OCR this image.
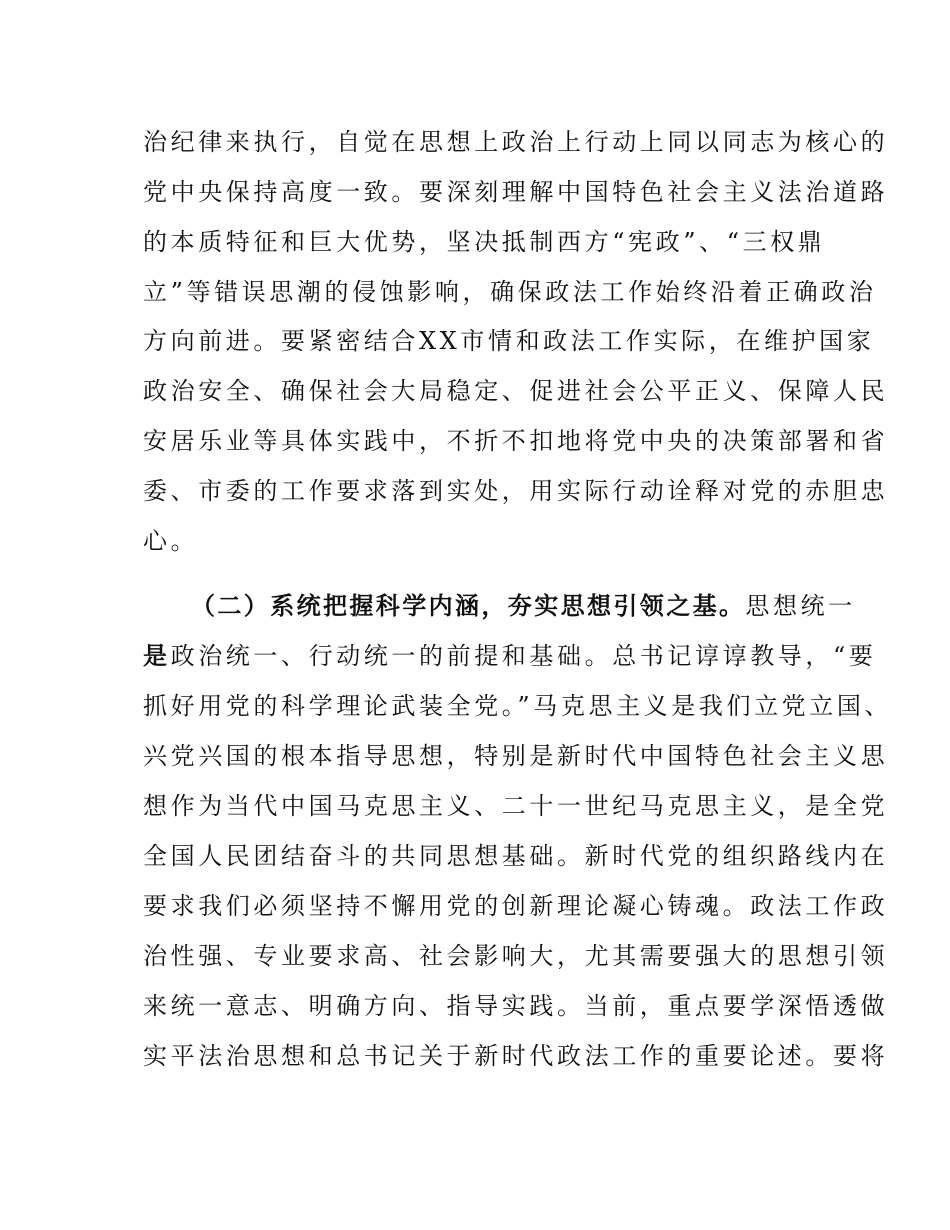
治纪律来执行，自觉在思想上政治上行动上同以同志为核心的
党中央保持高度一致。要深刻理解中国特色社会主义法治道路
的本质特征和巨大优势，坚决抵制西方“宪政”、“三权鼎
立”等错误思潮的侵蚀影响，确保政法工作始终沿着正确政治
方向前进。要紧密结合XX市情和政法工作实际，在维护国家
政治安全、确保社会大局稳定、促进社会公平正义、保障人民
安居乐业等具体实践中，不折不扣地将党中央的决策部署和省
委、市委的工作要求落到实处，用实际行动诠释对党的赤胆忠
心。
（二）系统把握科学内涵，夯实思想引领之基。思想统一
是政治统一、行动统一的前提和基础。总书记谆谆教导，“要
抓好用党的科学理论武装全党。”马克思主义是我们立党立国、
兴党兴国的根本指导思想，特别是新时代中国特色社会主义思
想作为当代中国马克思主义、二十一世纪马克思主义，是全党
全国人民团结奋斗的共同思想基础。新时代党的组织路线内在
要求我们必须坚持不懈用党的创新理论凝心铸魂。政法工作政
治性强、专业要求高、社会影响大，尤其需要强大的思想引领
来统一意志、明确方向、指导实践。当前，重点要学深悟透做
实平法治思想和总书记关于新时代政法工作的重要论述。要将
